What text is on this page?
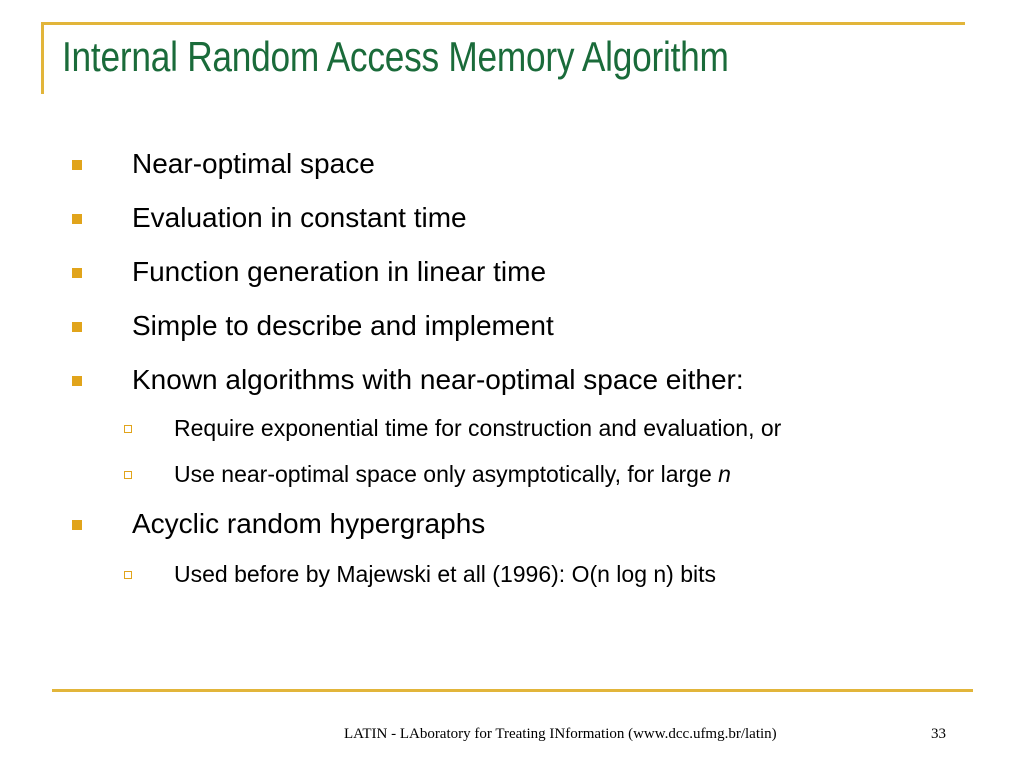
Internal Random Access Memory Algorithm
Near-optimal space
Evaluation in constant time
Function generation in linear time
Simple to describe and implement
Known algorithms with near-optimal space either:
Require exponential time for construction and evaluation, or
Use near-optimal space only asymptotically, for large n
Acyclic random hypergraphs
Used before by Majewski et all (1996): O(n log n) bits
LATIN - LAboratory for Treating INformation (www.dcc.ufmg.br/latin)	33
